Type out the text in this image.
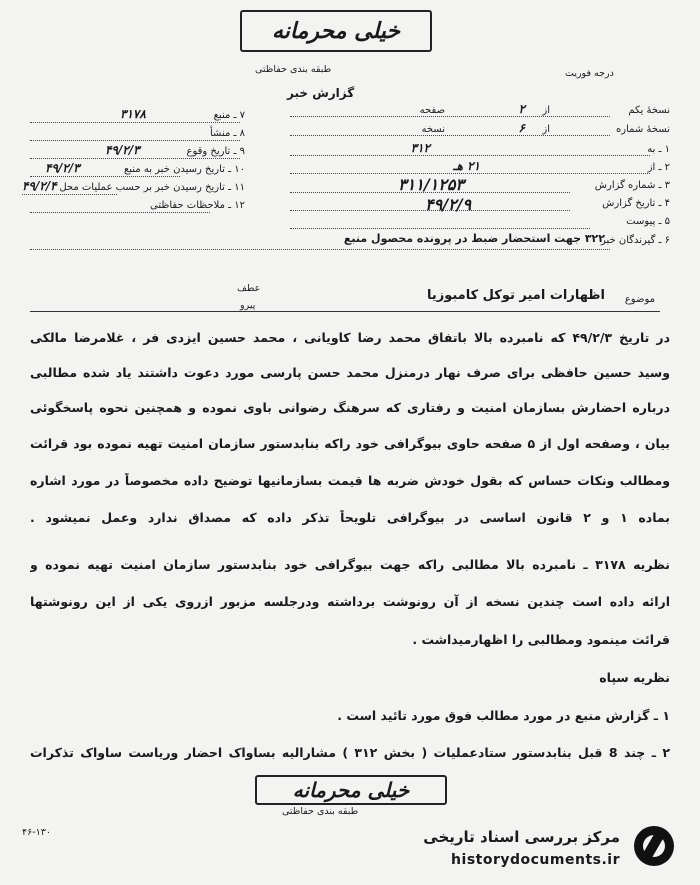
خیلی محرمانه
طبقه بندی حفاظتی
گزارش خبر
درجه فوریت
۷ ـ منبع
۳۱۷۸
۸ ـ منشأ
۹ ـ تاریخ وقوع
۴۹/۲/۳
۱۰ ـ تاریخ رسیدن خبر به منبع
۴۹/۲/۳
۱۱ ـ تاریخ رسیدن خبر بر حسب عملیات محل
۴۹/۲/۴
۱۲ ـ ملاحظات حفاظتی
نسخهٔ یکم
از
۲
صفحه
نسخهٔ شماره
از
۶
نسخه
۱ ـ به
۳۱۲
۲ ـ از
۲۱ هـ
۳ ـ شماره گزارش
۳۱۱/۱۲۵۳
۴ ـ تاریخ گزارش
۴۹/۲/۹
۵ ـ پیوست
۶ ـ گیرندگان خبر
۳۲۲ جهت استحضار ضبط در پرونده محصول منبع
عطف
پیرو
موضوع
اظهارات امیر توکل کامبوزیا
در تاریخ ۴۹/۲/۳ که نامبرده بالا باتفاق محمد رضا کاویانی ، محمد حسین ایزدی فر ، غلامرضا مالکی
وسید حسین حافظی برای صرف نهار درمنزل محمد حسن پارسی مورد دعوت داشتند یاد شده مطالبی
درباره احضارش بسازمان امنیت و رفتاری که سرهنگ رضوانی باوی نموده و همچنین نحوه پاسخگوئی
بیان ، وصفحه اول از ۵ صفحه حاوی بیوگرافی خود راکه بنابدستور سازمان امنیت تهیه نموده بود قرائت
ومطالب ونکات حساس که بقول خودش ضربه ها قیمت بسازمانیها توضیح داده مخصوصاً در مورد اشاره
بماده ۱ و ۲ قانون اساسی در بیوگرافی تلویحاً تذکر داده که مصداق ندارد وعمل نمیشود .
نظریه ۳۱۷۸ ـ نامبرده بالا مطالبی راکه جهت بیوگرافی خود بنابدستور سازمان امنیت تهیه نموده و
ارائه داده است چندین نسخه از آن رونوشت برداشته ودرجلسه مزبور ازروی یکی از این رونوشتها
قرائت مینمود ومطالبی را اظهارمیداشت .
نظریه سپاه
۱ ـ گزارش منبع در مورد مطالب فوق مورد تائید است .
۲ ـ چند 8 قبل بنابدستور ستادعملیات ( بخش ۳۱۲ ) مشارالیه بساواک احضار وریاست ساواک تذکرات
خیلی محرمانه
طبقه بندی حفاظتی
۴۶-۱۳۰	مرکز بررسی اسناد تاریخی
historydocuments.ir
